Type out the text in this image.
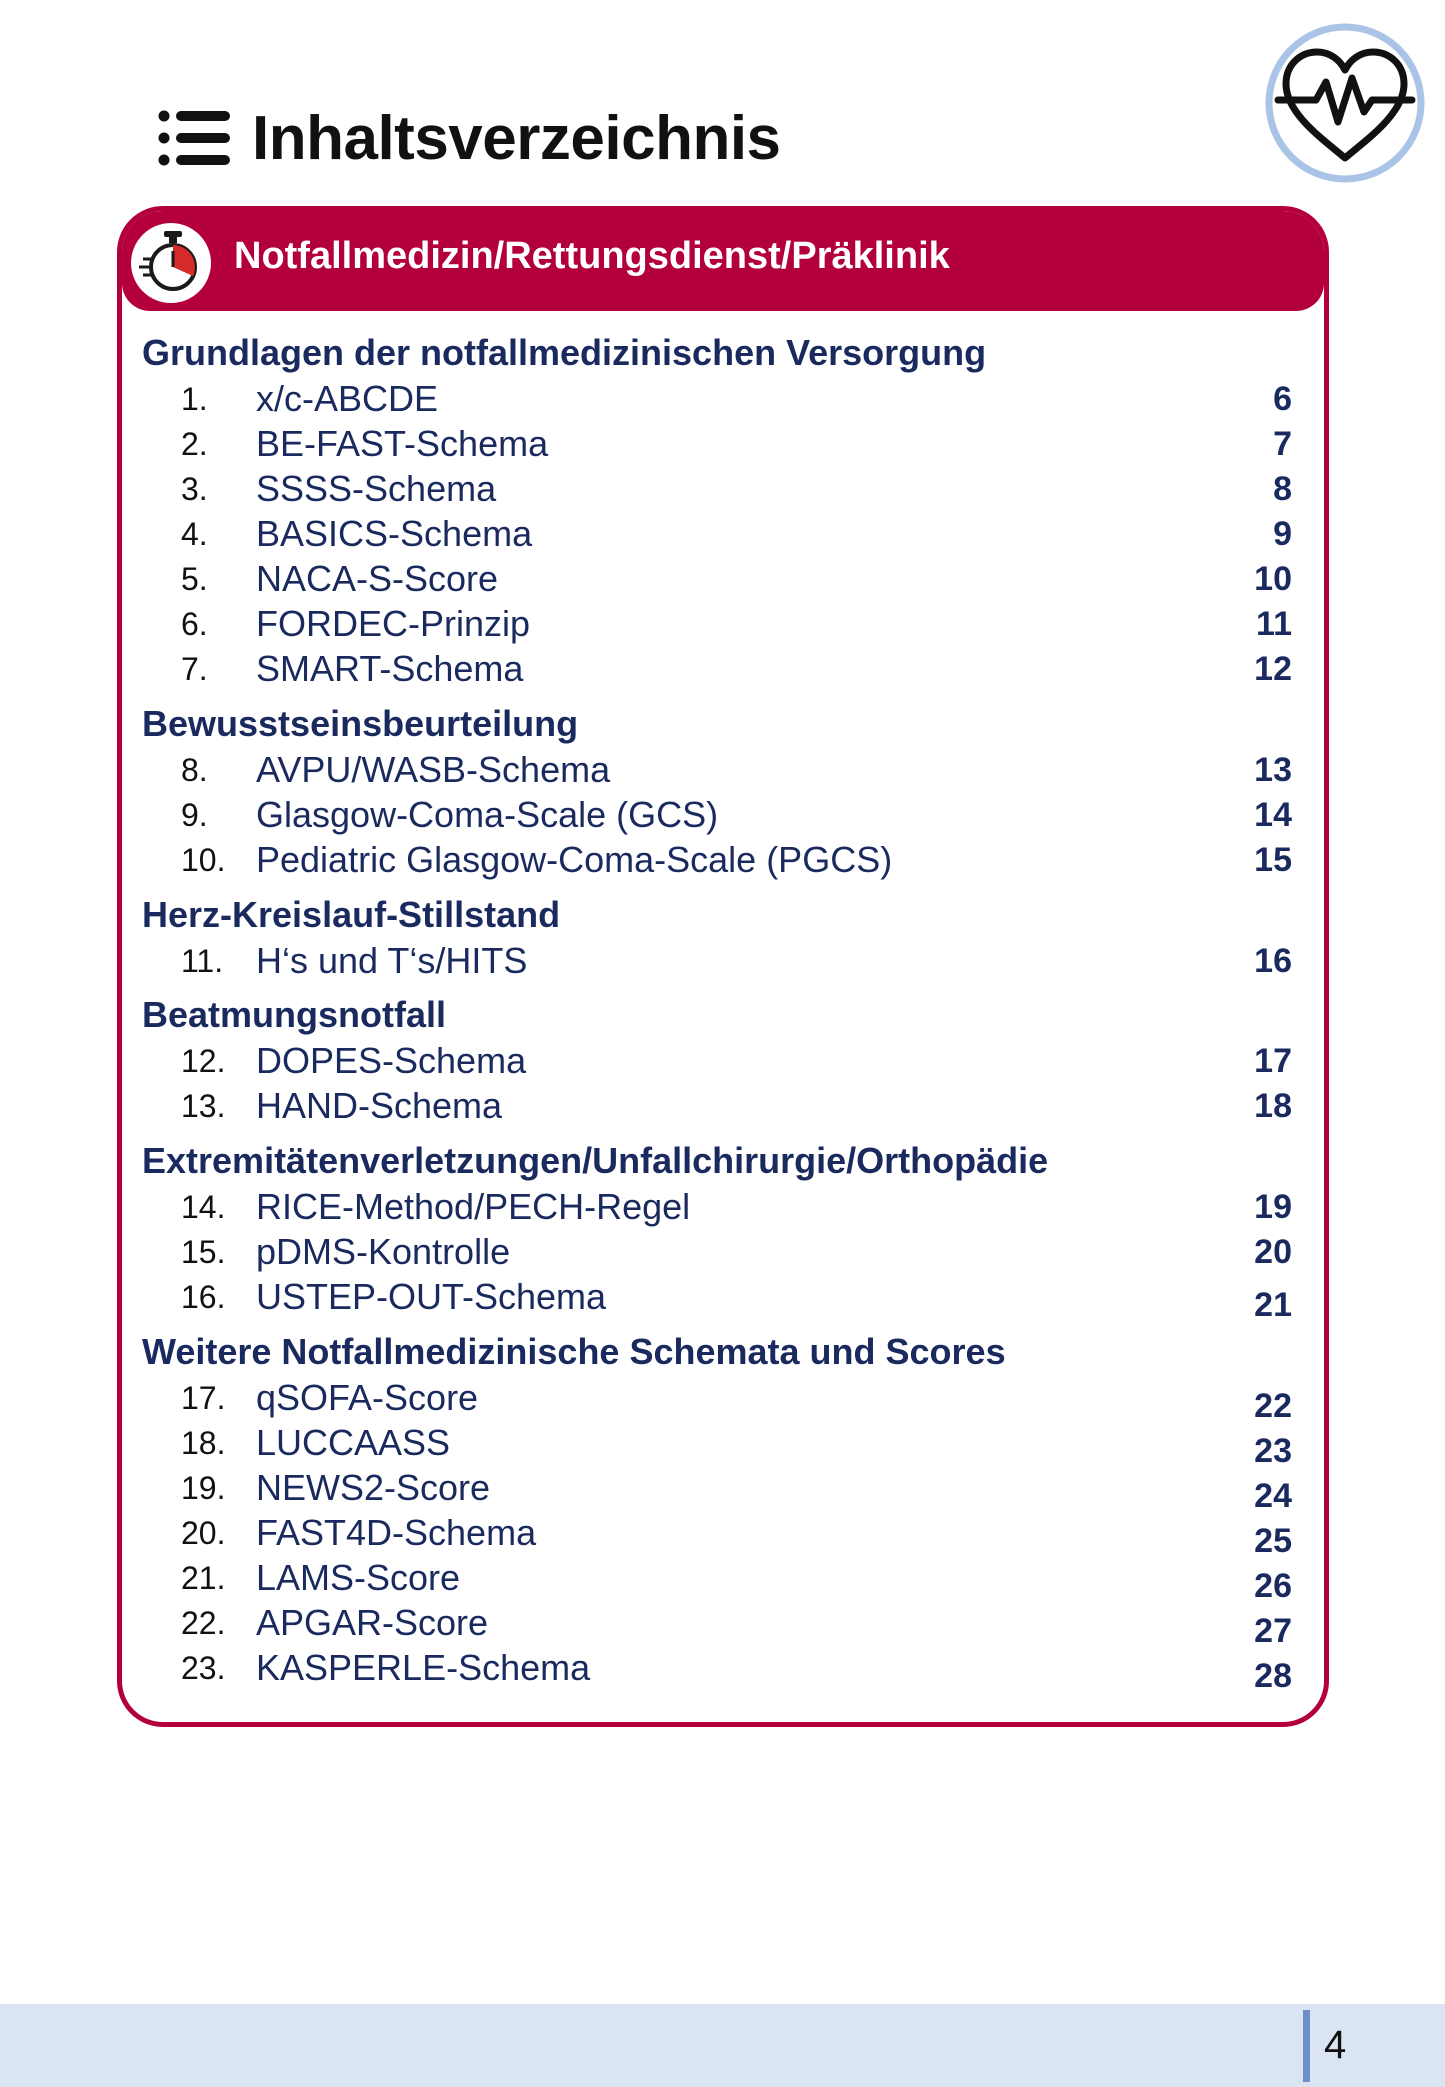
Inhaltsverzeichnis
Notfallmedizin/Rettungsdienst/Präklinik
Grundlagen der notfallmedizinischen Versorgung
1. x/c-ABCDE	6
2. BE-FAST-Schema	7
3. SSSS-Schema	8
4. BASICS-Schema	9
5. NACA-S-Score	10
6. FORDEC-Prinzip	11
7. SMART-Schema	12
Bewusstseinsbeurteilung
8. AVPU/WASB-Schema	13
9. Glasgow-Coma-Scale (GCS)	14
10. Pediatric Glasgow-Coma-Scale (PGCS)	15
Herz-Kreislauf-Stillstand
11. H‘s und T‘s/HITS	16
Beatmungsnotfall
12. DOPES-Schema	17
13. HAND-Schema	18
Extremitätenverletzungen/Unfallchirurgie/Orthopädie
14. RICE-Method/PECH-Regel	19
15. pDMS-Kontrolle	20
16. USTEP-OUT-Schema	21
Weitere Notfallmedizinische Schemata und Scores
17. qSOFA-Score	22
18. LUCCAASS	23
19. NEWS2-Score	24
20. FAST4D-Schema	25
21. LAMS-Score	26
22. APGAR-Score	27
23. KASPERLE-Schema	28
4
